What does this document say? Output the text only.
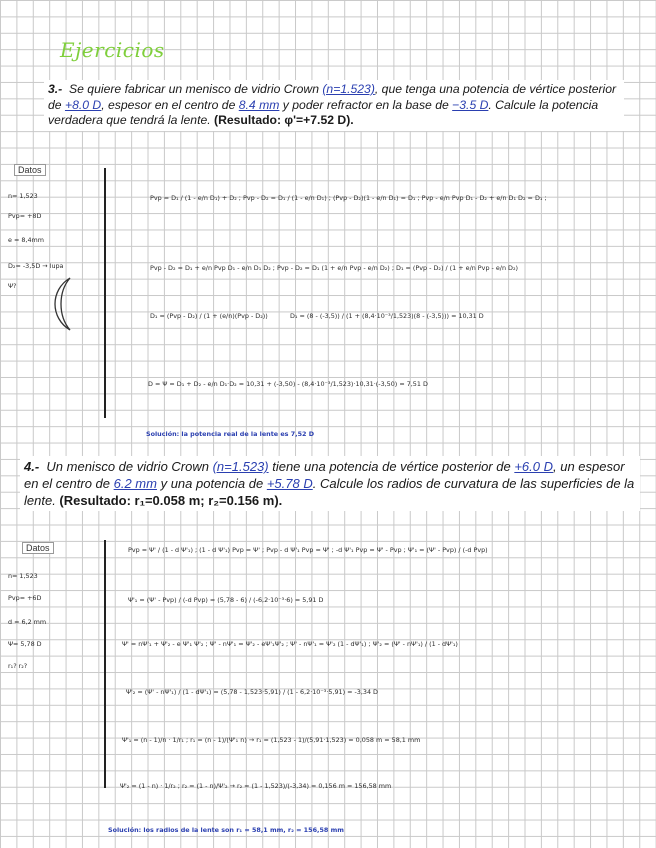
Ejercicios
3.- Se quiere fabricar un menisco de vidrio Crown (n=1.523), que tenga una potencia de vértice posterior de +8.0 D, espesor en el centro de 8.4 mm y poder refractor en la base de −3.5 D. Calcule la potencia verdadera que tendrá la lente. (Resultado: φ'=+7.52 D).
Datos
n= 1,523
Pvp= +8D
e = 8,4mm
D₂= -3,5D → lupa
Ψ?
Pvp = D₁ / (1 - e/n D₁) + D₂ ; Pvp - D₂ = D₁ / (1 - e/n D₁) ; (Pvp - D₂)(1 - e/n D₁) = D₁ ; Pvp - e/n Pvp D₁ - D₂ + e/n D₁ D₂ = D₁ ;
Pvp - D₂ = D₁ + e/n Pvp D₁ - e/n D₁ D₂ ; Pvp - D₂ = D₁ (1 + e/n Pvp - e/n D₂) ; D₁ = (Pvp - D₂) / (1 + e/n Pvp - e/n D₂)
D₁ = (Pvp - D₂) / (1 + (e/n)(Pvp - D₂))	D₁ = (8 - (-3,5)) / (1 + (8,4·10⁻³/1,523)(8 - (-3,5))) = 10,31 D
D = Ψ = D₁ + D₂ - e/n D₁·D₂ = 10,31 + (-3,50) - (8,4·10⁻³/1,523)·10,31·(-3,50) = 7,51 D
Solución: la potencia real de la lente es 7,52 D
4.- Un menisco de vidrio Crown (n=1.523) tiene una potencia de vértice posterior de +6.0 D, un espesor en el centro de 6.2 mm y una potencia de +5.78 D. Calcule los radios de curvatura de las superficies de la lente. (Resultado: r₁=0.058 m; r₂=0.156 m).
Datos
n= 1,523
Pvp= +6D
d = 6,2 mm
Ψ= 5,78 D
r₁? r₂?
Pvp = Ψ' / (1 - d Ψ'₁) ; (1 - d Ψ'₁) Pvp = Ψ' ; Pvp - d Ψ'₁ Pvp = Ψ' ; -d Ψ'₁ Pvp = Ψ' - Pvp ; Ψ'₁ = (Ψ' - Pvp) / (-d Pvp)
Ψ'₁ = (Ψ' - Pvp) / (-d Pvp) = (5,78 - 6) / (-6,2·10⁻³·6) = 5,91 D
Ψ' = nΨ'₁ + Ψ'₂ - e Ψ'₁ Ψ'₂ ; Ψ' - nΨ'₁ = Ψ'₂ - eΨ'₁Ψ'₂ ; Ψ' - nΨ'₁ = Ψ'₂ (1 - dΨ'₁) ; Ψ'₂ = (Ψ' - nΨ'₁) / (1 - dΨ'₁)
Ψ'₂ = (Ψ' - nΨ'₁) / (1 - dΨ'₁) = (5,78 - 1,523·5,91) / (1 - 6,2·10⁻³·5,91) = -3,34 D
Ψ'₁ = (n - 1)/n · 1/r₁ ; r₁ = (n - 1)/(Ψ'₁ n) → r₁ = (1,523 - 1)/(5,91·1,523) = 0,058 m = 58,1 mm
Ψ'₂ = (1 - n) · 1/r₂ ; r₂ = (1 - n)/Ψ'₂ → r₂ = (1 - 1,523)/(-3,34) = 0,156 m = 156,58 mm
Solución: los radios de la lente son r₁ = 58,1 mm, r₂ = 156,58 mm
